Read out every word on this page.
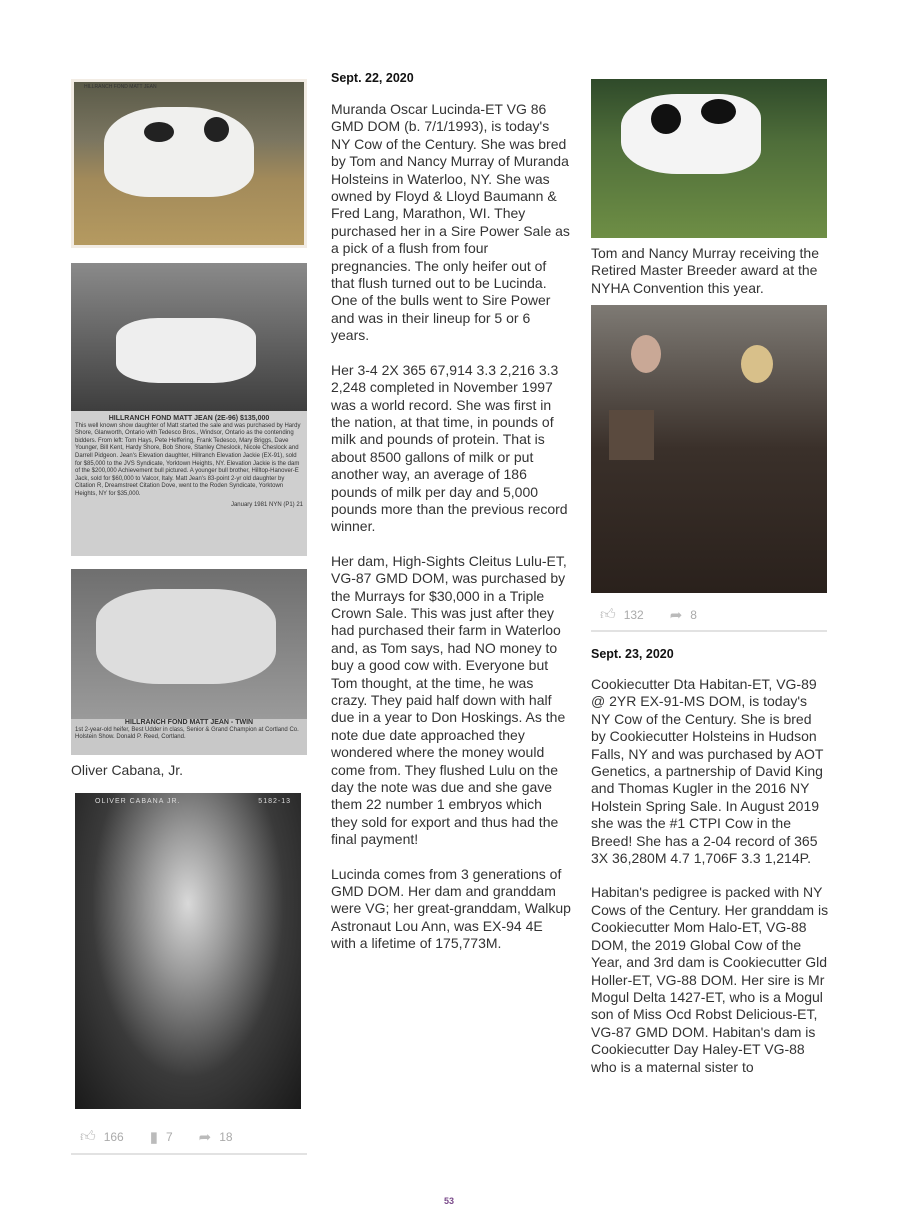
HILLRANCH FOND MATT JEAN
HILLRANCH FOND MATT JEAN (2E-96) $135,000
This well known show daughter of Matt started the sale and was purchased by Hardy Shore, Glanworth, Ontario with Tedesco Bros., Windsor, Ontario as the contending bidders. From left: Tom Hays, Pete Heffering, Frank Tedesco, Mary Briggs, Dave Younger, Bill Kent, Hardy Shore, Bob Shore, Stanley Cheslock, Nicole Cheslock and Darrell Pidgeon. Jean's Elevation daughter, Hillranch Elevation Jackie (EX-91), sold for $85,000 to the JVS Syndicate, Yorktown Heights, NY. Elevation Jackie is the dam of the $200,000 Achievement bull pictured. A younger bull brother, Hilltop-Hanover-E Jack, sold for $60,000 to Valcor, Italy. Matt Jean's 83-point 2-yr old daughter by Citation R, Dreamstreet Citation Dove, went to the Roden Syndicate, Yorktown Heights, NY for $35,000.
January 1981 NYN (P1) 21
HILLRANCH FOND MATT JEAN - TWIN
1st 2-year-old heifer, Best Udder in class, Senior & Grand Champion at Cortland Co. Holstein Show. Donald P. Reed, Cortland.
Oliver Cabana, Jr.
OLIVER CABANA JR.	5182-13
👍︎ 166 ▮ 7 ➦ 18
Sept. 22, 2020

Muranda Oscar Lucinda-ET VG 86 GMD DOM (b. 7/1/1993), is today's NY Cow of the Century. She was bred by Tom and Nancy Murray of Muranda Holsteins in Waterloo, NY. She was owned by Floyd & Lloyd Baumann & Fred Lang, Marathon, WI. They purchased her in a Sire Power Sale as a pick of a flush from four pregnancies. The only heifer out of that flush turned out to be Lucinda. One of the bulls went to Sire Power and was in their lineup for 5 or 6 years.

Her 3-4 2X 365 67,914 3.3 2,216 3.3 2,248 completed in November 1997 was a world record. She was first in the nation, at that time, in pounds of milk and pounds of protein. That is about 8500 gallons of milk or put another way, an average of 186 pounds of milk per day and 5,000 pounds more than the previous record winner.

Her dam, High-Sights Cleitus Lulu-ET, VG-87 GMD DOM, was purchased by the Murrays for $30,000 in a Triple Crown Sale. This was just after they had purchased their farm in Waterloo and, as Tom says, had NO money to buy a good cow with. Everyone but Tom thought, at the time, he was crazy. They paid half down with half due in a year to Don Hoskings. As the note due date approached they wondered where the money would come from. They flushed Lulu on the day the note was due and she gave them 22 number 1 embryos which they sold for export and thus had the final payment!

Lucinda comes from 3 generations of GMD DOM. Her dam and granddam were VG; her great-granddam, Walkup Astronaut Lou Ann, was EX-94 4E with a lifetime of 175,773M.

Tom and Nancy Murray receiving the Retired Master Breeder award at the NYHA Convention this year.
👍︎ 132 ➦ 8
Sept. 23, 2020

Cookiecutter Dta Habitan-ET, VG-89 @ 2YR EX-91-MS DOM, is today's NY Cow of the Century. She is bred by Cookiecutter Holsteins in Hudson Falls, NY and was purchased by AOT Genetics, a partnership of David King and Thomas Kugler in the 2016 NY Holstein Spring Sale. In August 2019 she was the #1 CTPI Cow in the Breed! She has a 2-04 record of 365 3X 36,280M 4.7 1,706F 3.3 1,214P.

Habitan's pedigree is packed with NY Cows of the Century. Her granddam is Cookiecutter Mom Halo-ET, VG-88 DOM, the 2019 Global Cow of the Year, and 3rd dam is Cookiecutter Gld Holler-ET, VG-88 DOM. Her sire is Mr Mogul Delta 1427-ET, who is a Mogul son of Miss Ocd Robst Delicious-ET, VG-87 GMD DOM. Habitan's dam is Cookiecutter Day Haley-ET VG-88 who is a maternal sister to

53
